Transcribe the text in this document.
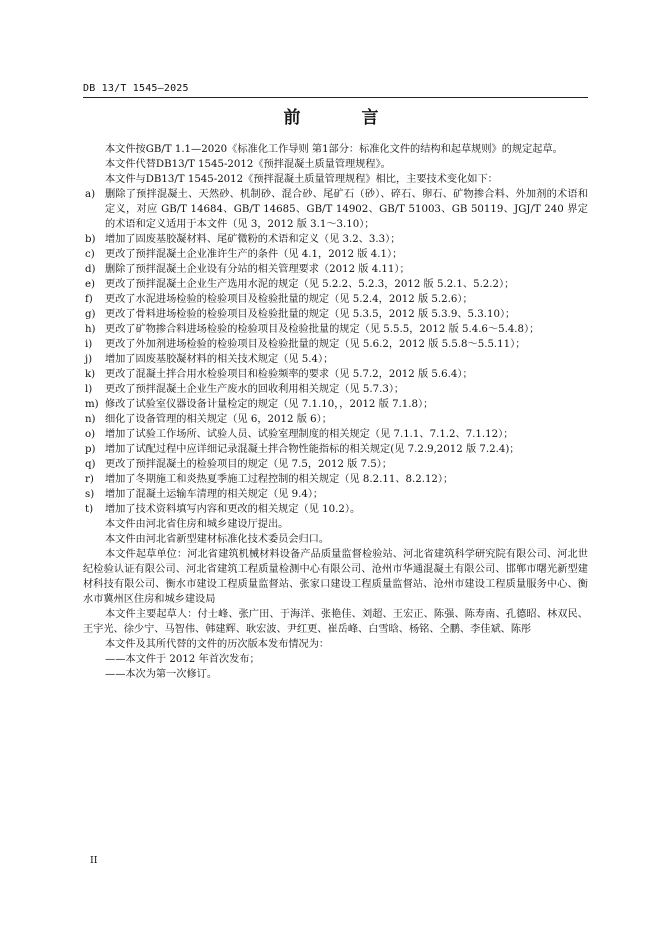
DB 13/T 1545—2025
前　言

本文件按GB/T 1.1—2020《标准化工作导则 第1部分：标准化文件的结构和起草规则》的规定起草。

本文件代替DB13/T 1545-2012《预拌混凝土质量管理规程》。

本文件与DB13/T 1545-2012《预拌混凝土质量管理规程》相比，主要技术变化如下：

a) 删除了预拌混凝土、天然砂、机制砂、混合砂、尾矿石（砂）、碎石、卵石、矿物掺合料、外加剂的术语和定义，对应 GB/T 14684、GB/T 14685、GB/T 14902、GB/T 51003、GB 50119、JGJ/T 240 界定的术语和定义适用于本文件（见 3，2012 版 3.1～3.10）；
b) 增加了固废基胶凝材料、尾矿微粉的术语和定义（见 3.2、3.3）；
c)	更改了预拌混凝土企业准许生产的条件（见 4.1，2012 版 4.1）；
d) 删除了预拌混凝土企业设有分站的相关管理要求（2012 版 4.11）；
e) 更改了预拌混凝土企业生产选用水泥的规定（见 5.2.2、5.2.3，2012 版 5.2.1、5.2.2）；
f)	更改了水泥进场检验的检验项目及检验批量的规定（见 5.2.4，2012 版 5.2.6）；
g) 更改了骨料进场检验的检验项目及检验批量的规定（见 5.3.5，2012 版 5.3.9、5.3.10）；
h) 更改了矿物掺合料进场检验的检验项目及检验批量的规定（见 5.5.5，2012 版 5.4.6～5.4.8）；
i)	更改了外加剂进场检验的检验项目及检验批量的规定（见 5.6.2，2012 版 5.5.8～5.5.11）；
j)	增加了固废基胶凝材料的相关技术规定（见 5.4）；
k) 更改了混凝土拌合用水检验项目和检验频率的要求（见 5.7.2，2012 版 5.6.4）；
l)	更改了预拌混凝土企业生产废水的回收利用相关规定（见 5.7.3）；
m) 修改了试验室仪器设备计量检定的规定（见 7.1.10，，2012 版 7.1.8）；
n) 细化了设备管理的相关规定（见 6，2012 版 6）；
o) 增加了试验工作场所、试验人员、试验室理制度的相关规定（见 7.1.1、7.1.2、7.1.12）；
p) 增加了试配过程中应详细记录混凝土拌合物性能指标的相关规定(见 7.2.9,2012 版 7.2.4)；
q) 更改了预拌混凝土的检验项目的规定（见 7.5，2012 版 7.5）；
r)	增加了冬期施工和炎热夏季施工过程控制的相关规定（见 8.2.11、8.2.12）；
s)	增加了混凝土运输车清理的相关规定（见 9.4）；
t)	增加了技术资料填写内容和更改的相关规定（见 10.2）。

本文件由河北省住房和城乡建设厅提出。

本文件由河北省新型建材标准化技术委员会归口。

本文件起草单位：河北省建筑机械材料设备产品质量监督检验站、河北省建筑科学研究院有限公司、河北世纪检验认证有限公司、河北省建筑工程质量检测中心有限公司、沧州市华通混凝土有限公司、邯郸市曙光新型建材科技有限公司、衡水市建设工程质量监督站、张家口建设工程质量监督站、沧州市建设工程质量服务中心、衡水市冀州区住房和城乡建设局

本文件主要起草人：付士峰、张广田、于海洋、张艳佳、刘超、王宏正、陈强、陈寿南、孔德昭、林双民、王宇光、徐少宁、马智伟、韩建辉、耿宏波、尹红更、崔岳峰、白雪晗、杨铭、仝鹏、李佳斌、陈彤

本文件及其所代替的文件的历次版本发布情况为：

——本文件于 2012 年首次发布；

——本次为第一次修订。

II
